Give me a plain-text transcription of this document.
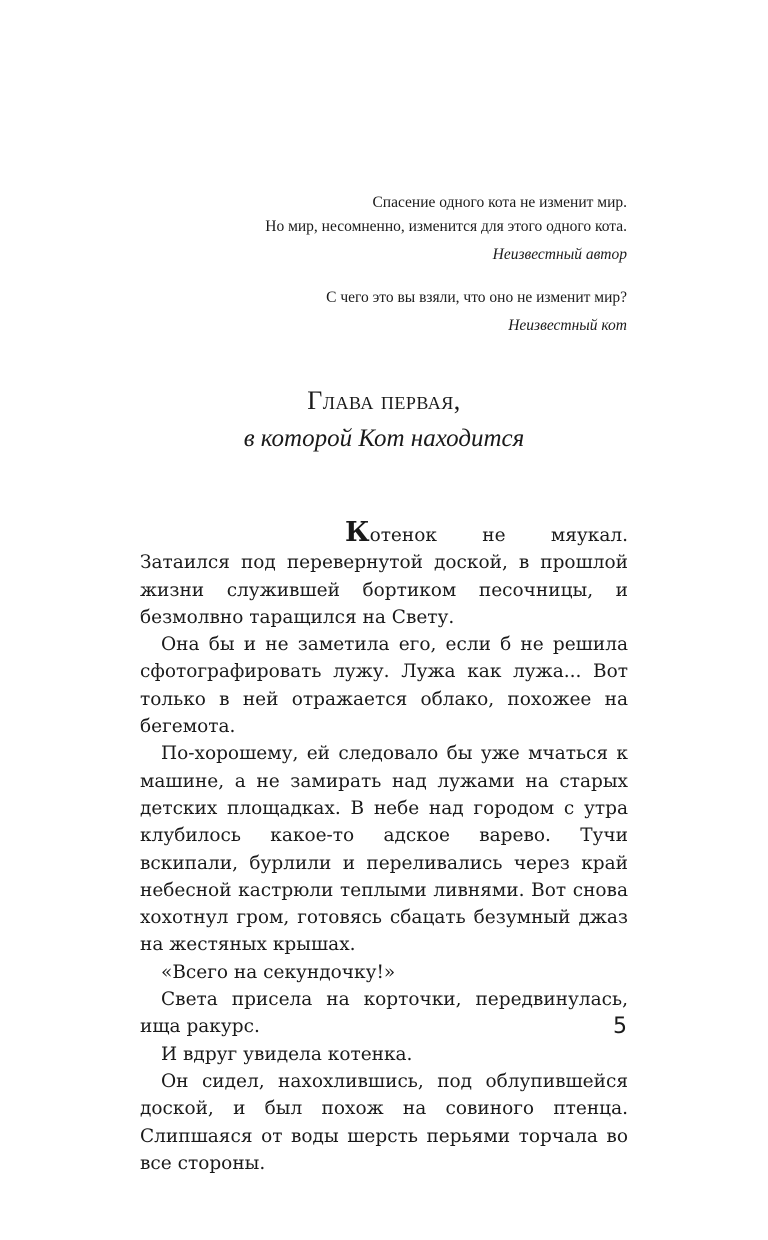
Спасение одного кота не изменит мир.
Но мир, несомненно, изменится для этого одного кота.
Неизвестный автор
С чего это вы взяли, что оно не изменит мир?
Неизвестный кот
Глава первая,
в которой Кот находится

Котенок не мяукал. Затаился под перевернутой доской, в прошлой жизни служившей бортиком песочницы, и безмолвно таращился на Свету.

Она бы и не заметила его, если б не решила сфотографировать лужу. Лужа как лужа... Вот только в ней отражается облако, похожее на бегемота.

По-хорошему, ей следовало бы уже мчаться к машине, а не замирать над лужами на старых детских площадках. В небе над городом с утра клубилось какое-то адское варево. Тучи вскипали, бурлили и переливались через край небесной кастрюли теплыми ливнями. Вот снова хохотнул гром, готовясь сбацать безумный джаз на жестяных крышах.

«Всего на секундочку!»

Света присела на корточки, передвинулась, ища ракурс.

И вдруг увидела котенка.

Он сидел, нахохлившись, под облупившейся доской, и был похож на совиного птенца. Слипшаяся от воды шерсть перьями торчала во все стороны.

5
